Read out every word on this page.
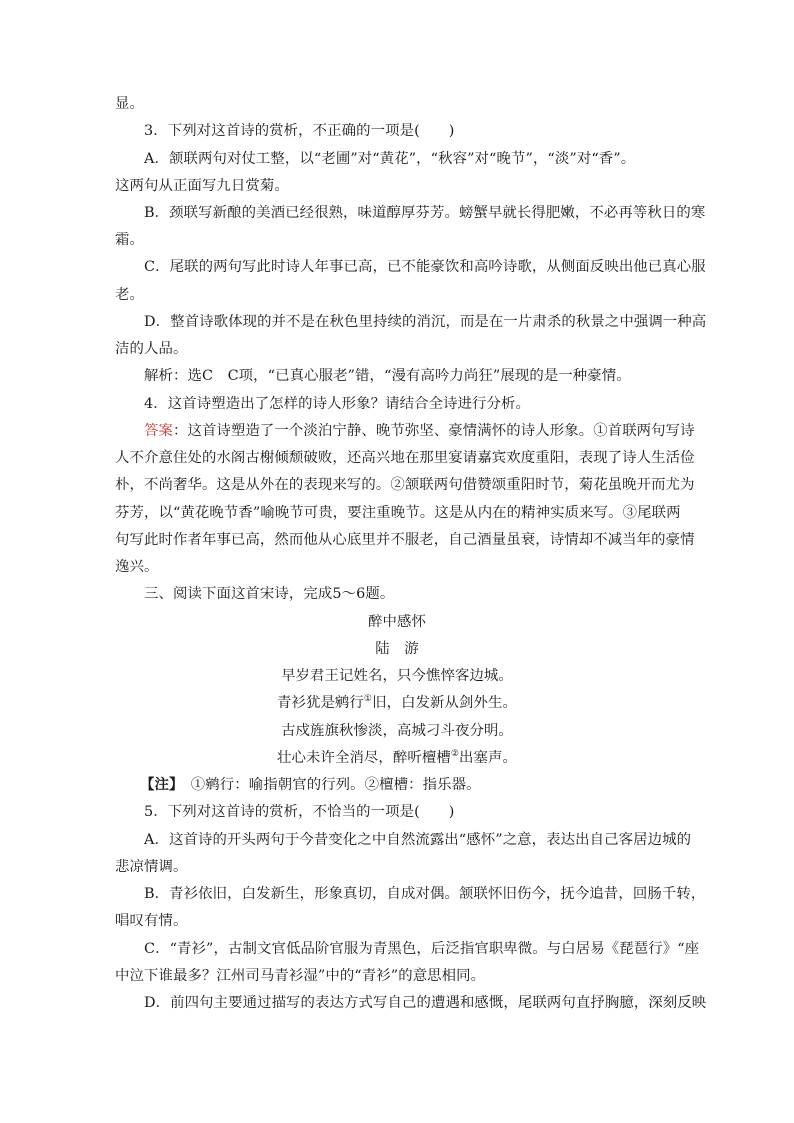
显。
3．下列对这首诗的赏析，不正确的一项是(　　)
A．颔联两句对仗工整，以“老圃”对“黄花”，“秋容”对“晚节”，“淡”对“香”。
这两句从正面写九日赏菊。
B．颈联写新酿的美酒已经很熟，味道醇厚芬芳。螃蟹早就长得肥嫩，不必再等秋日的寒
霜。
C．尾联的两句写此时诗人年事已高，已不能豪饮和高吟诗歌，从侧面反映出他已真心服
老。
D．整首诗歌体现的并不是在秋色里持续的消沉，而是在一片肃杀的秋景之中强调一种高
洁的人品。
解析：选C　C项，“已真心服老”错，“漫有高吟力尚狂”展现的是一种豪情。
4．这首诗塑造出了怎样的诗人形象？请结合全诗进行分析。
答案：这首诗塑造了一个淡泊宁静、晚节弥坚、豪情满怀的诗人形象。①首联两句写诗
人不介意住处的水阁古榭倾颓破败，还高兴地在那里宴请嘉宾欢度重阳，表现了诗人生活俭
朴，不尚奢华。这是从外在的表现来写的。②颔联两句借赞颂重阳时节，菊花虽晚开而尤为
芬芳，以“黄花晚节香”喻晚节可贵，要注重晚节。这是从内在的精神实质来写。③尾联两
句写此时作者年事已高，然而他从心底里并不服老，自己酒量虽衰，诗情却不减当年的豪情
逸兴。
三、阅读下面这首宋诗，完成5～6题。
醉中感怀
陆　游
早岁君王记姓名，只今憔悴客边城。
青衫犹是鹓行①旧，白发新从剑外生。
古戍旌旗秋惨淡，高城刁斗夜分明。
壮心未许全消尽，醉听檀槽②出塞声。
【注】　①鹓行：喻指朝官的行列。②檀槽：指乐器。
5．下列对这首诗的赏析，不恰当的一项是(　　)
A．这首诗的开头两句于今昔变化之中自然流露出“感怀”之意，表达出自己客居边城的
悲凉情调。
B．青衫依旧，白发新生，形象真切，自成对偶。颔联怀旧伤今，抚今追昔，回肠千转，
唱叹有情。
C．“青衫”，古制文官低品阶官服为青黑色，后泛指官职卑微。与白居易《琵琶行》“座
中泣下谁最多？江州司马青衫湿”中的“青衫”的意思相同。
D．前四句主要通过描写的表达方式写自己的遭遇和感慨，尾联两句直抒胸臆，深刻反映
